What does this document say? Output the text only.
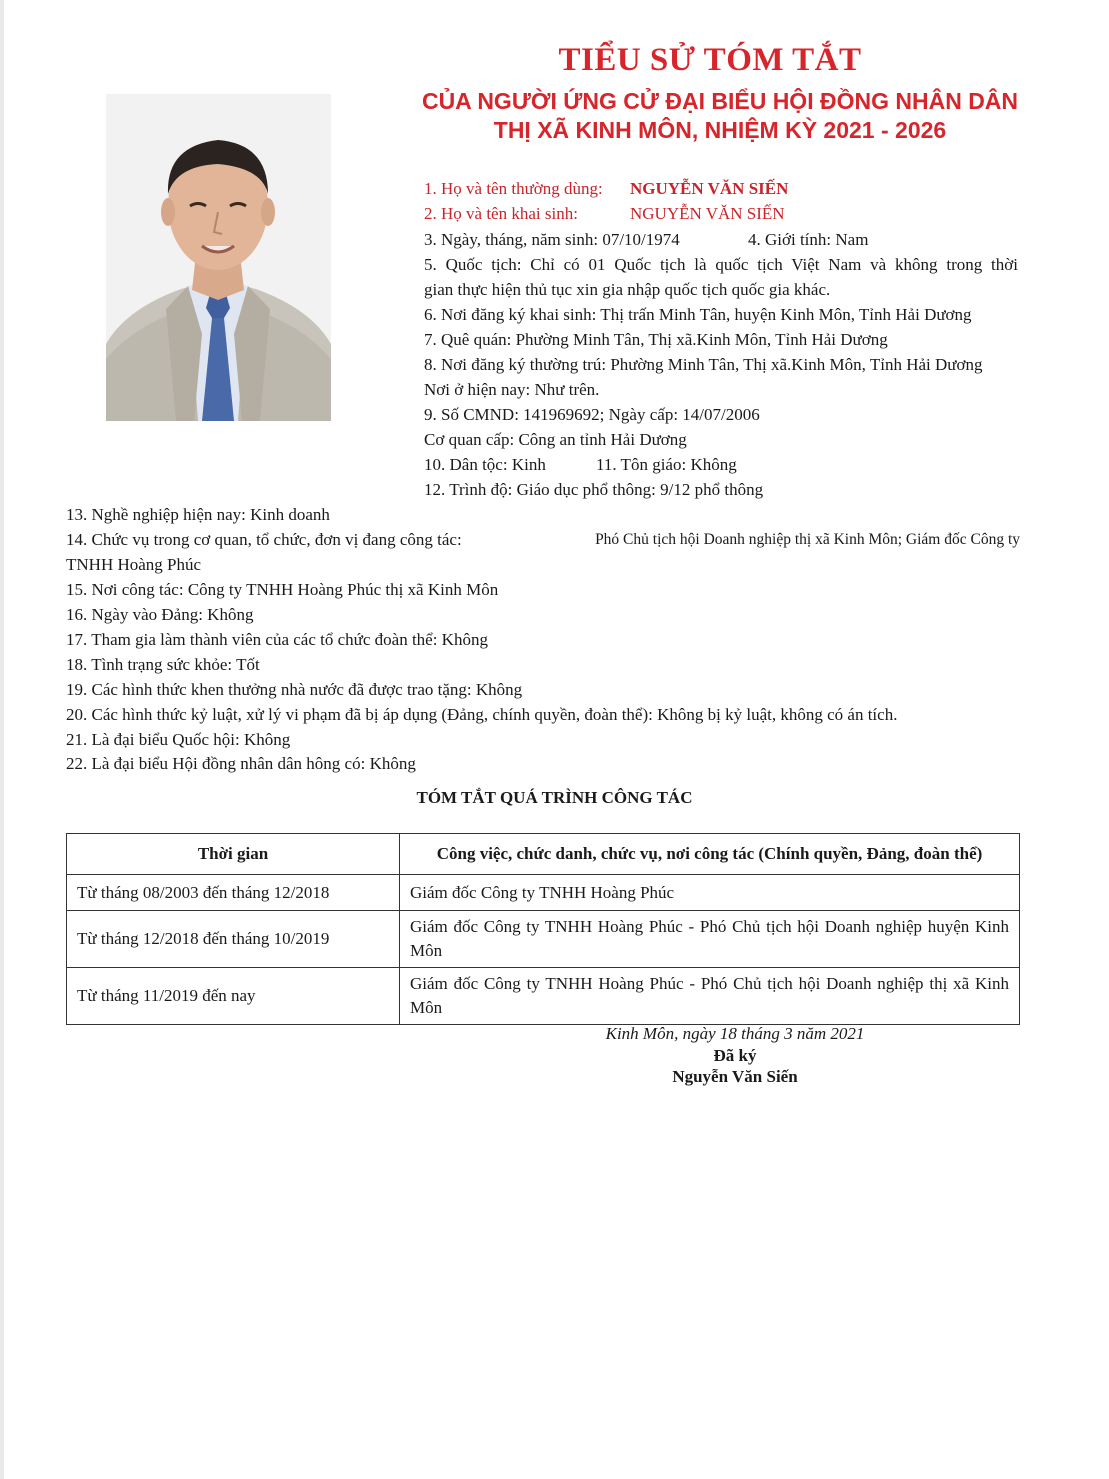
TIỂU SỬ TÓM TẮT
CỦA NGƯỜI ỨNG CỬ ĐẠI BIỂU HỘI ĐỒNG NHÂN DÂN
THỊ XÃ KINH MÔN, NHIỆM KỲ 2021 - 2026
1. Họ và tên thường dùng: NGUYỄN VĂN SIẾN
2. Họ và tên khai sinh:	NGUYỄN VĂN SIẾN
3. Ngày, tháng, năm sinh: 07/10/1974	4. Giới tính: Nam
5. Quốc tịch: Chỉ có 01 Quốc tịch là quốc tịch Việt Nam và không trong thời
gian thực hiện thủ tục xin gia nhập quốc tịch quốc gia khác.
6. Nơi đăng ký khai sinh: Thị trấn Minh Tân, huyện Kinh Môn, Tỉnh Hải Dương
7. Quê quán: Phường Minh Tân, Thị xã.Kinh Môn, Tỉnh Hải Dương
8. Nơi đăng ký thường trú: Phường Minh Tân, Thị xã.Kinh Môn, Tỉnh Hải Dương
Nơi ở hiện nay: Như trên.
9. Số CMND: 141969692; Ngày cấp: 14/07/2006
Cơ quan cấp: Công an tỉnh Hải Dương
10. Dân tộc: Kinh	11. Tôn giáo: Không
12. Trình độ: Giáo dục phổ thông: 9/12 phổ thông
13. Nghề nghiệp hiện nay: Kinh doanh
14. Chức vụ trong cơ quan, tổ chức, đơn vị đang công tác:	Phó Chủ tịch hội Doanh nghiệp thị xã Kinh Môn; Giám đốc Công ty
TNHH Hoàng Phúc
15. Nơi công tác: Công ty TNHH Hoàng Phúc thị xã Kinh Môn
16. Ngày vào Đảng: Không
17. Tham gia làm thành viên của các tổ chức đoàn thể: Không
18. Tình trạng sức khỏe: Tốt
19. Các hình thức khen thưởng nhà nước đã được trao tặng: Không
20. Các hình thức kỷ luật, xử lý vi phạm đã bị áp dụng (Đảng, chính quyền, đoàn thể): Không bị kỷ luật, không có án tích.
21. Là đại biểu Quốc hội: Không
22. Là đại biểu Hội đồng nhân dân hông có: Không
TÓM TẮT QUÁ TRÌNH CÔNG TÁC
Thời gian	Công việc, chức danh, chức vụ, nơi công tác (Chính quyền, Đảng, đoàn thể)
Từ tháng 08/2003 đến tháng 12/2018	Giám đốc Công ty TNHH Hoàng Phúc
Từ tháng 12/2018 đến tháng 10/2019	Giám đốc Công ty TNHH Hoàng Phúc - Phó Chủ tịch hội Doanh nghiệp huyện Kinh Môn
Từ tháng 11/2019 đến nay	Giám đốc Công ty TNHH Hoàng Phúc - Phó Chủ tịch hội Doanh nghiệp thị xã Kinh Môn
Kinh Môn, ngày 18 tháng 3 năm 2021
Đã ký
Nguyễn Văn Siến
